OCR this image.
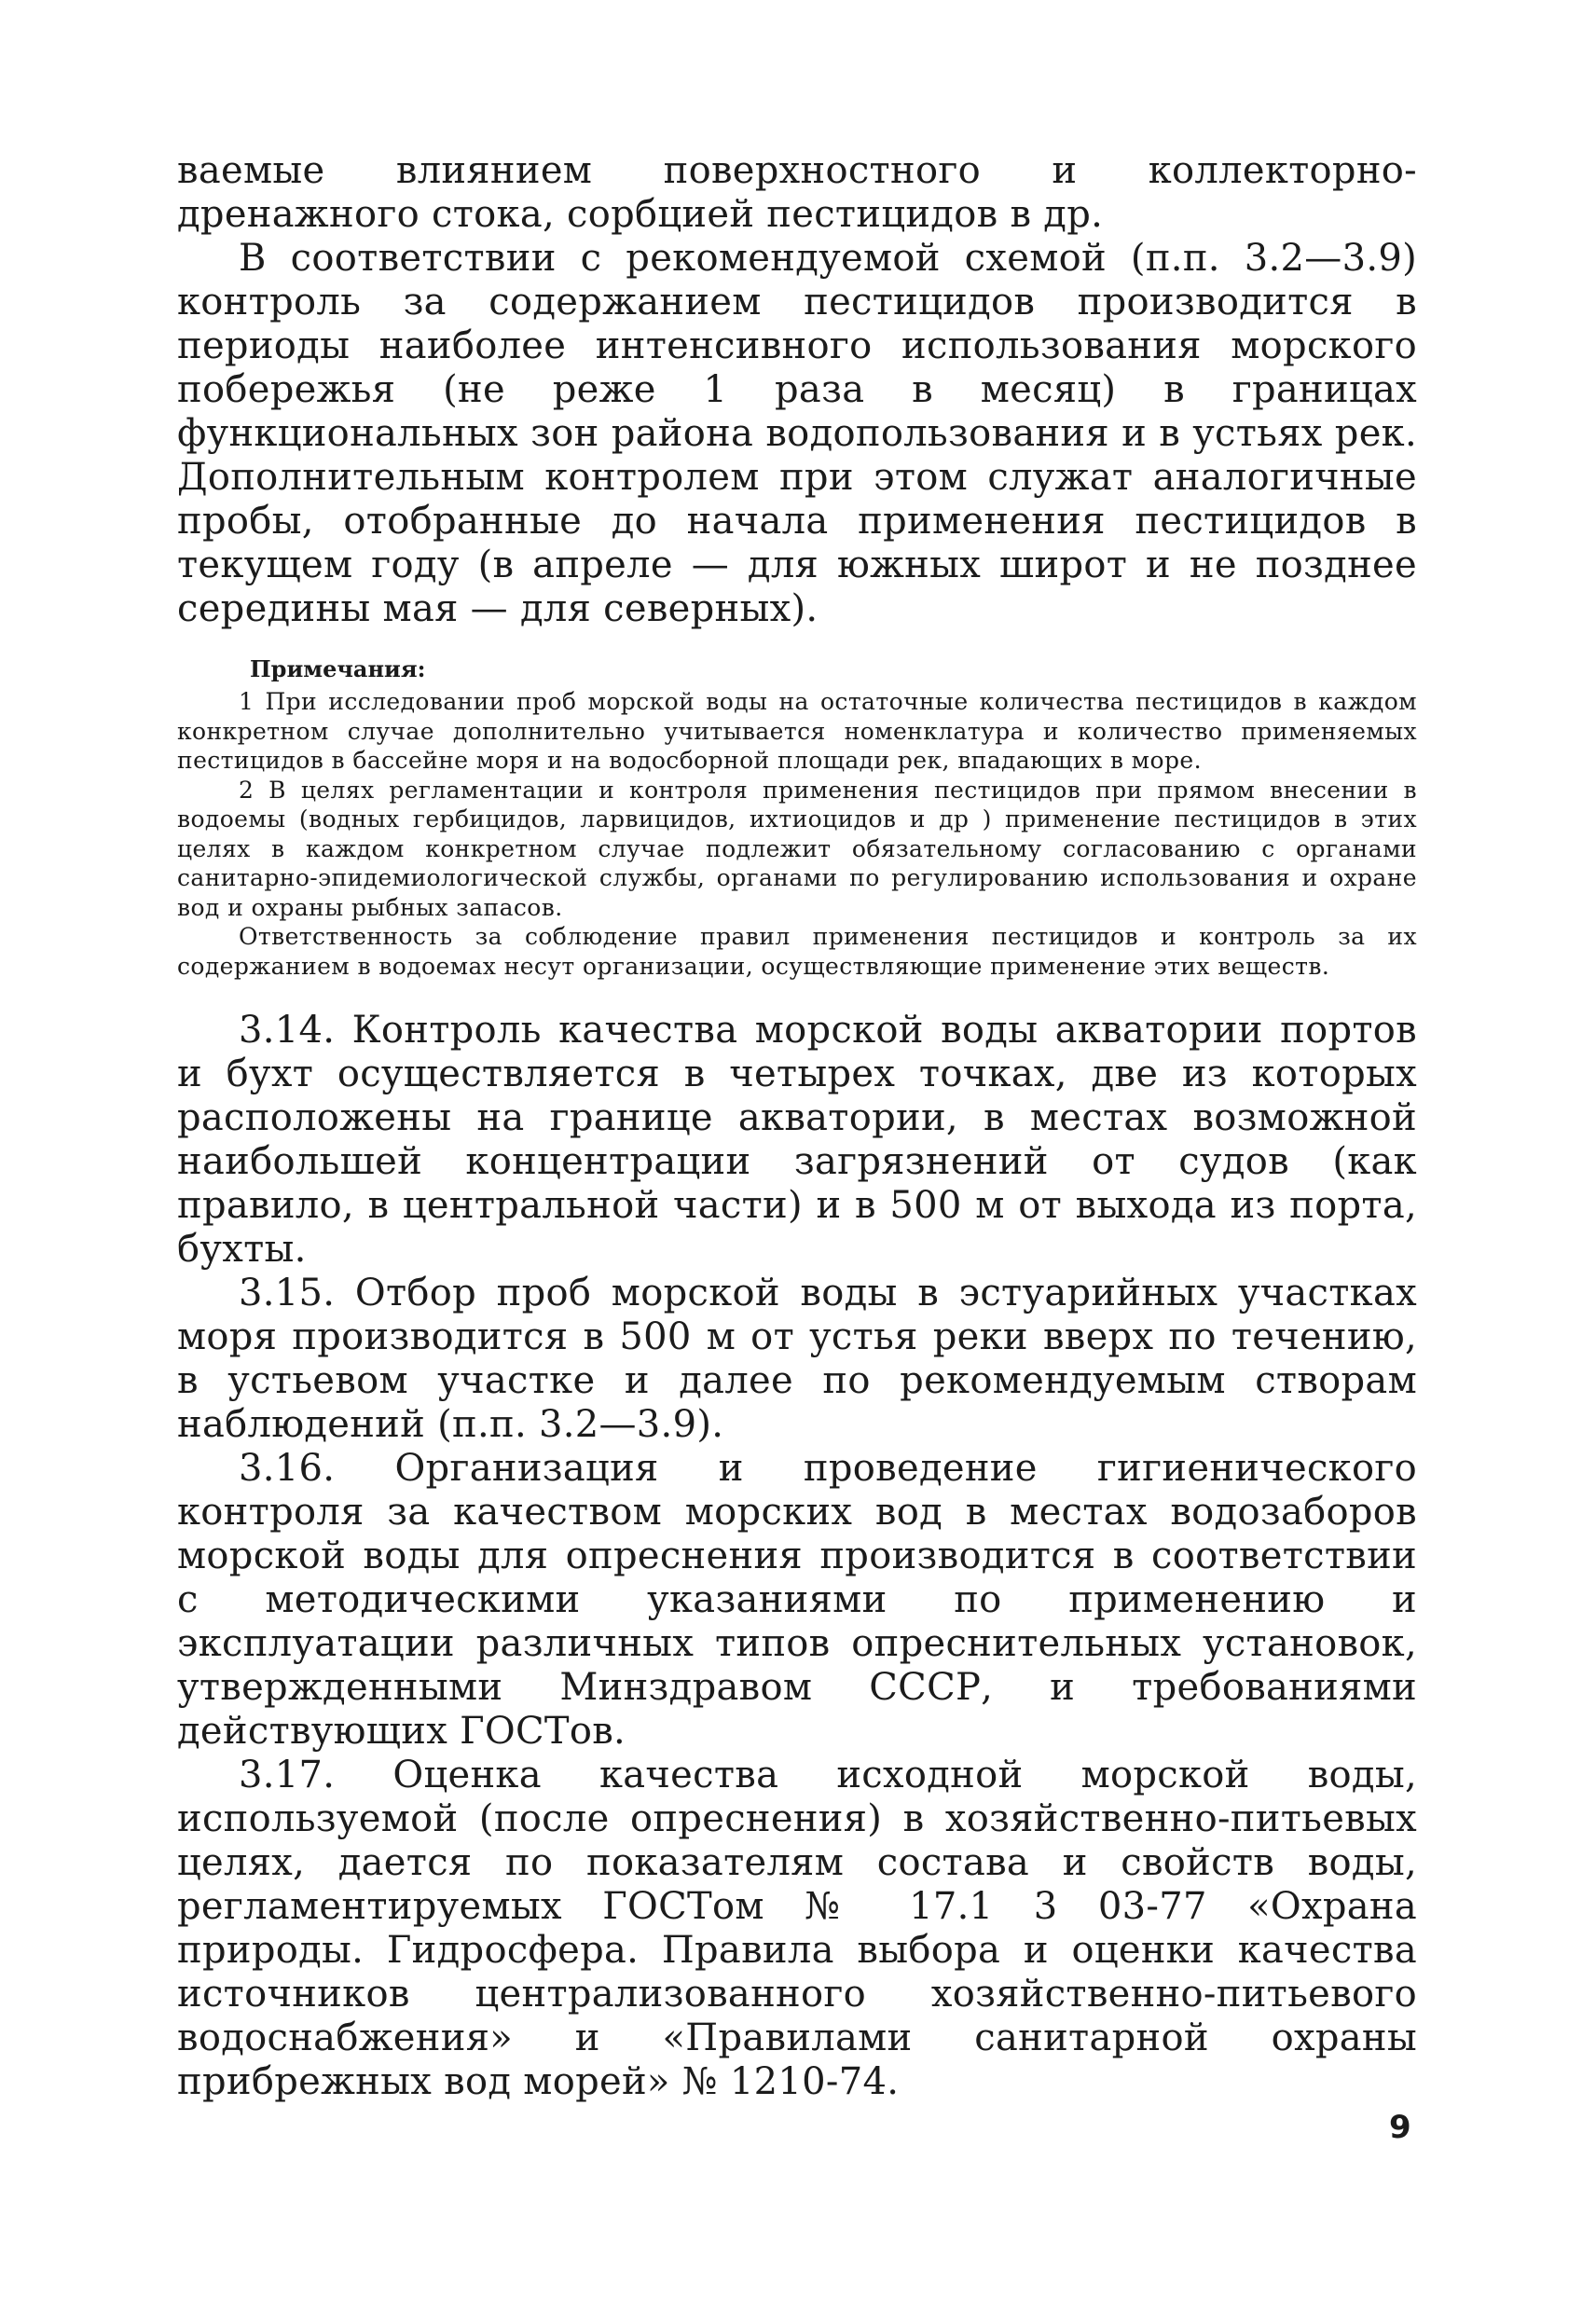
ваемые влиянием поверхностного и коллекторно-дренажного стока, сорбцией пестицидов в др.

В соответствии с рекомендуемой схемой (п.п. 3.2—3.9) контроль за содержанием пестицидов производится в периоды наиболее интенсивного использования морского побережья (не реже 1 раза в месяц) в границах функциональных зон района водопользования и в устьях рек. Дополнительным контролем при этом служат аналогичные пробы, отобранные до начала применения пестицидов в текущем году (в апреле — для южных широт и не позднее середины мая — для северных).

Примечания:

1 При исследовании проб морской воды на остаточные количества пестицидов в каждом конкретном случае дополнительно учитывается номенклатура и количество применяемых пестицидов в бассейне моря и на водосборной площади рек, впадающих в море.

2 В целях регламентации и контроля применения пестицидов при прямом внесении в водоемы (водных гербицидов, ларвицидов, ихтиоцидов и др ) применение пестицидов в этих целях в каждом конкретном случае подлежит обязательному согласованию с органами санитарно-эпидемиологической службы, органами по регулированию использования и охране вод и охраны рыбных запасов.

Ответственность за соблюдение правил применения пестицидов и контроль за их содержанием в водоемах несут организации, осуществляющие применение этих веществ.

3.14. Контроль качества морской воды акватории портов и бухт осуществляется в четырех точках, две из которых расположены на границе акватории, в местах возможной наибольшей концентрации загрязнений от судов (как правило, в центральной части) и в 500 м от выхода из порта, бухты.

3.15. Отбор проб морской воды в эстуарийных участках моря производится в 500 м от устья реки вверх по течению, в устьевом участке и далее по рекомендуемым створам наблюдений (п.п. 3.2—3.9).

3.16. Организация и проведение гигиенического контроля за качеством морских вод в местах водозаборов морской воды для опреснения производится в соответствии с методическими указаниями по применению и эксплуатации различных типов опреснительных установок, утвержденными Минздравом СССР, и требованиями действующих ГОСТов.

3.17. Оценка качества исходной морской воды, используемой (после опреснения) в хозяйственно-питьевых целях, дается по показателям состава и свойств воды, регламентируемых ГОСТом № 17.1 3 03-77 «Охрана природы. Гидросфера. Правила выбора и оценки качества источников централизованного хозяйственно-питьевого водоснабжения» и «Правилами санитарной охраны прибрежных вод морей» № 1210-74.

9
